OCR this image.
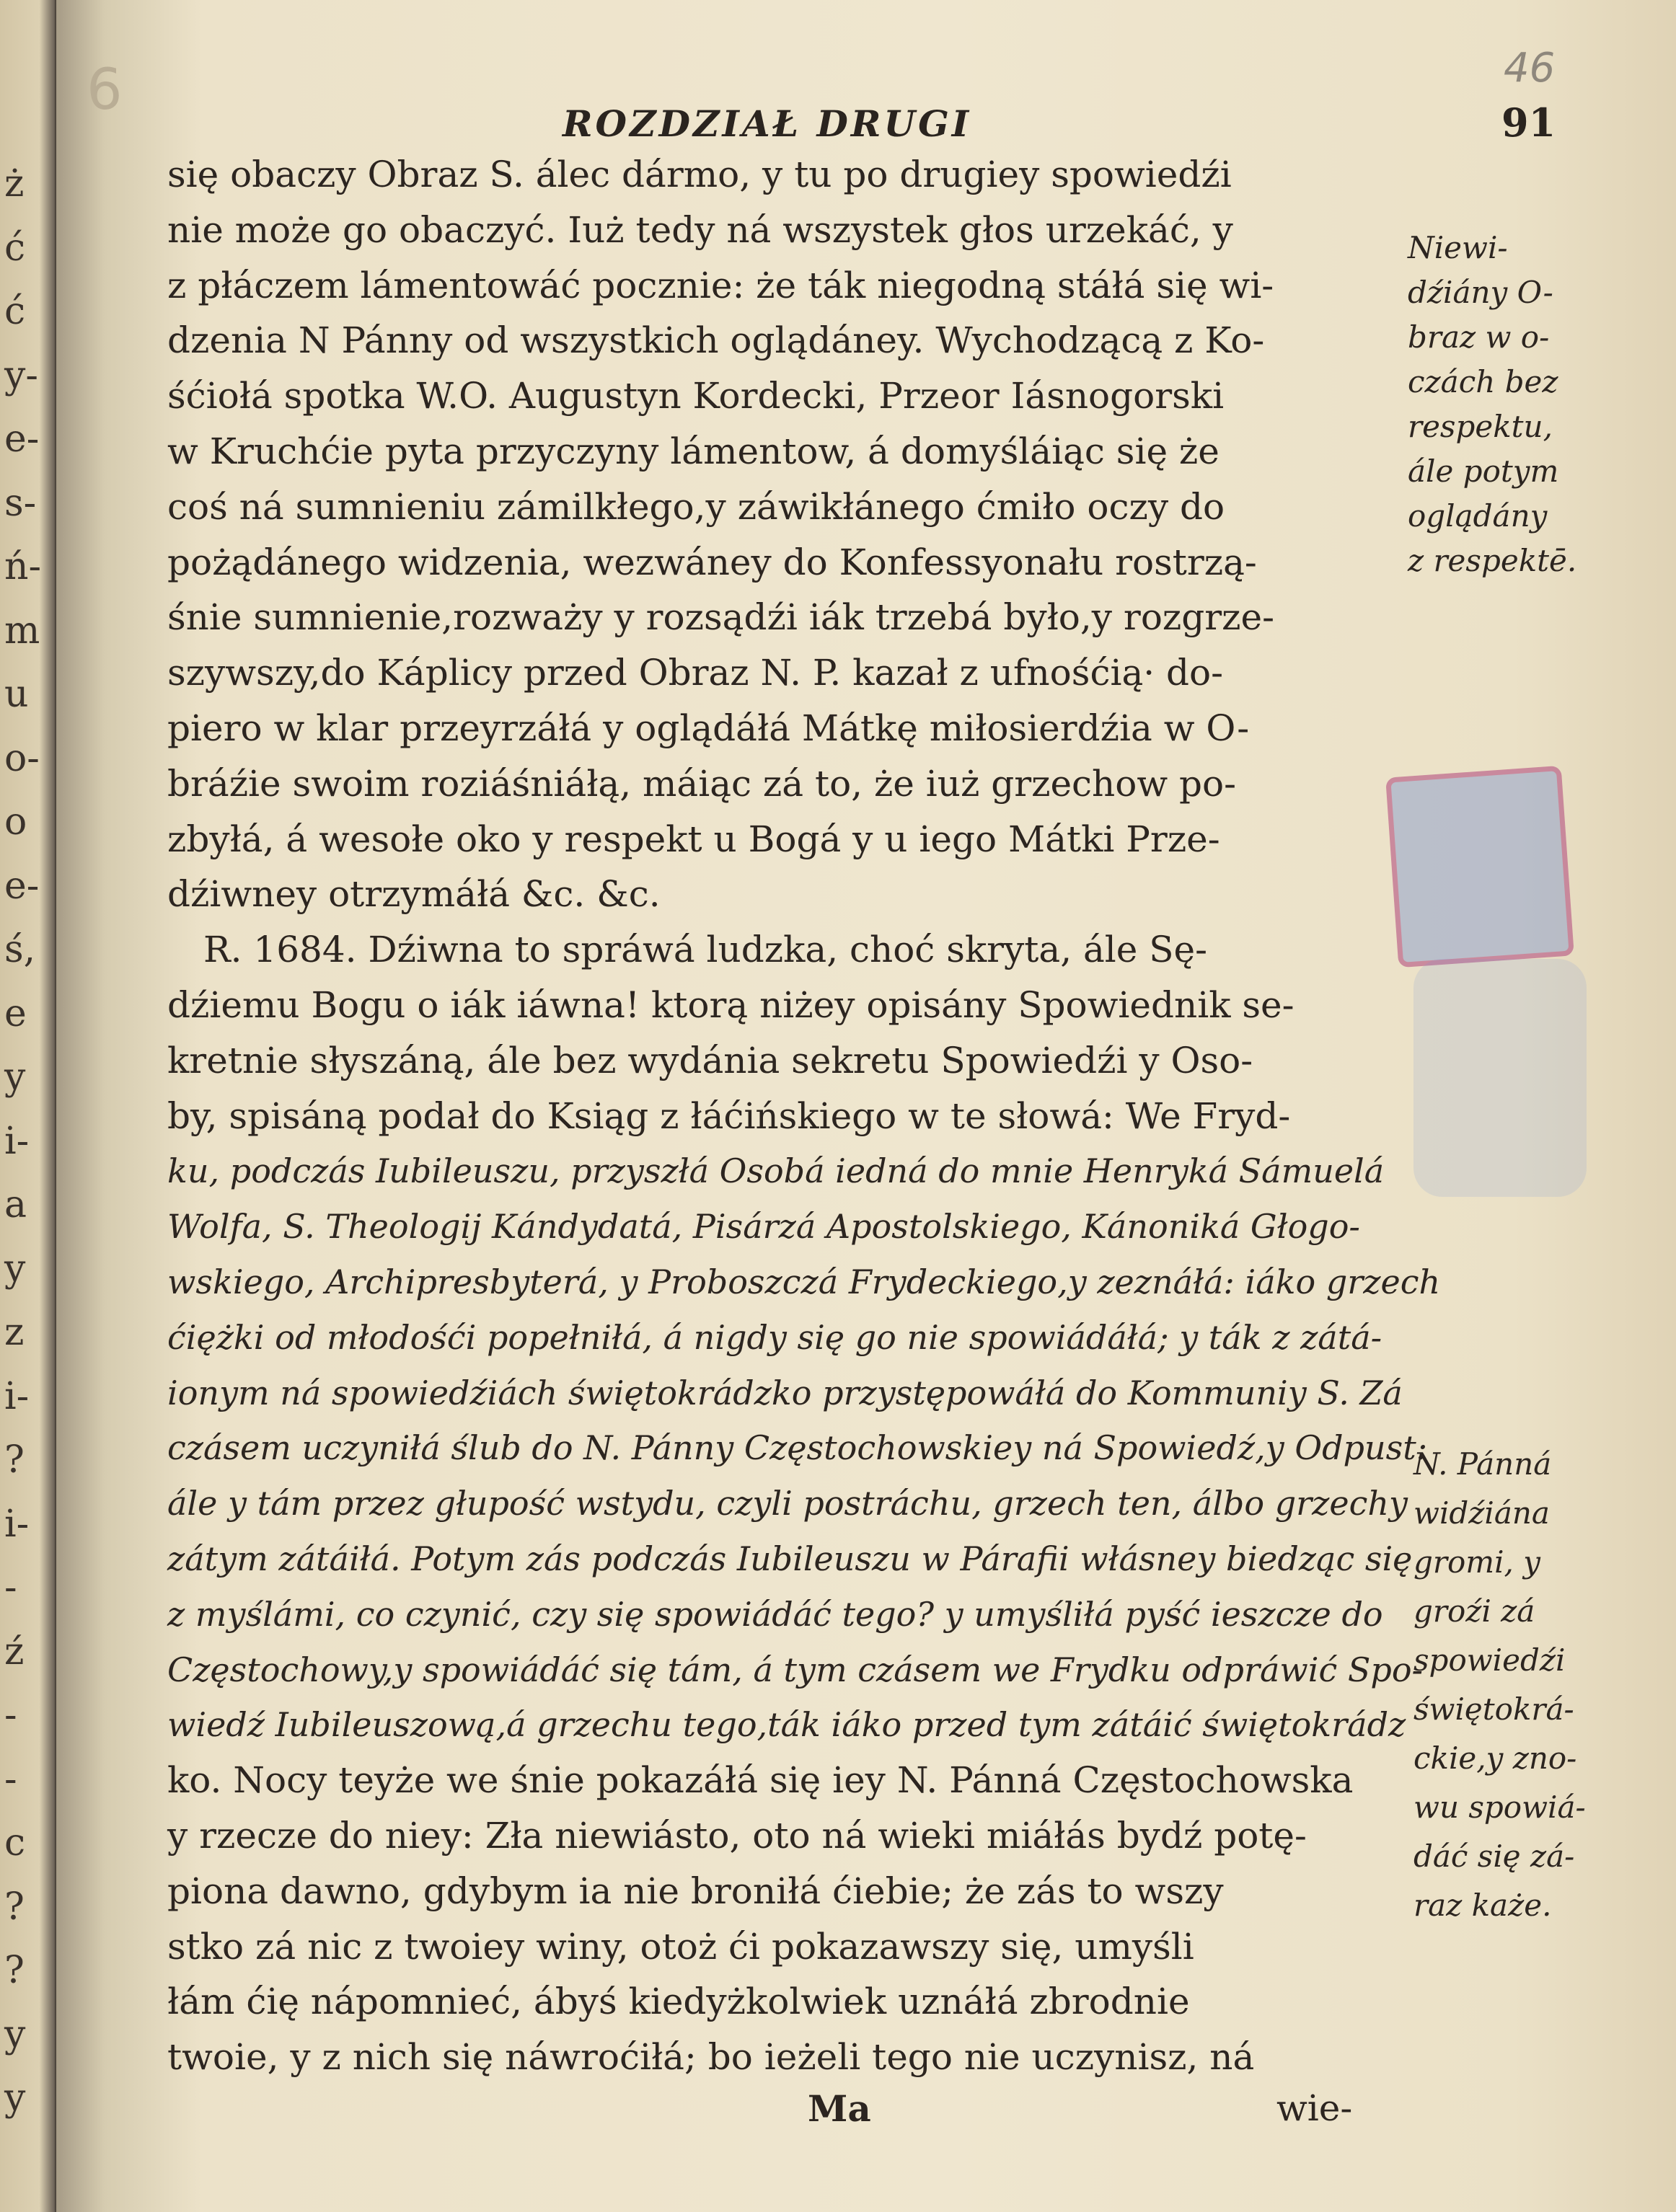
ż
ć
ć
y-
e-
s-
ń-
m
u
o-
o
e-
ś,
e
y
i-
a
y
z
i-
?
i-
-
ź
-
-
c
?
?
y
y
6	46
ROZDZIAŁ DRUGI	91
się obaczy Obraz S. álec dármo, y tu po drugiey spowiedźi
nie może go obaczyć. Iuż tedy ná wszystek głos urzekáć, y
z płáczem lámentowáć pocznie: że ták niegodną stáłá się wi-
dzenia N Pánny od wszystkich oglądáney. Wychodzącą z Ko-
śćiołá spotka W.O. Augustyn Kordecki, Przeor Iásnogorski
w Kruchćie pyta przyczyny lámentow, á domyśláiąc się że
coś ná sumnieniu zámilkłego,y záwikłánego ćmiło oczy do
pożądánego widzenia, wezwáney do Konfessyonału rostrzą-
śnie sumnienie,rozważy y rozsądźi iák trzebá było,y rozgrze-
szywszy,do Káplicy przed Obraz N. P. kazał z ufnośćią· do-
piero w klar przeyrzáłá y oglądáłá Mátkę miłosierdźia w O-
bráźie swoim roziáśniáłą, máiąc zá to, że iuż grzechow po-
zbyłá, á wesołe oko y respekt u Bogá y u iego Mátki Prze-
dźiwney otrzymáłá &c. &c.
R. 1684. Dźiwna to spráwá ludzka, choć skryta, ále Sę-
dźiemu Bogu o iák iáwna! ktorą niżey opisány Spowiednik se-
kretnie słyszáną, ále bez wydánia sekretu Spowiedźi y Oso-
by, spisáną podał do Ksiąg z łáćińskiego w te słowá: We Fryd-
ku, podczás Iubileuszu, przyszłá Osobá iedná do mnie Henryká Sámuelá
Wolfa, S. Theologij Kándydatá, Pisárzá Apostolskiego, Kánoniká Głogo-
wskiego, Archipresbyterá, y Proboszczá Frydeckiego,y zeznáłá: iáko grzech
ćiężki od młodośći popełniłá, á nigdy się go nie spowiádáłá; y ták z zátá-
ionym ná spowiedźiách świętokrádzko przystępowáłá do Kommuniy S. Zá
czásem uczyniłá ślub do N. Pánny Częstochowskiey ná Spowiedź,y Odpust:
ále y tám przez głupość wstydu, czyli postráchu, grzech ten, álbo grzechy
zátym zátáiłá. Potym zás podczás Iubileuszu w Párafii włásney biedząc się
z myślámi, co czynić, czy się spowiádáć tego? y umyśliłá pyść ieszcze do
Częstochowy,y spowiádáć się tám, á tym czásem we Frydku odpráwić Spo-
wiedź Iubileuszową,á grzechu tego,ták iáko przed tym zátáić świętokrádz
ko. Nocy teyże we śnie pokazáłá się iey N. Pánná Częstochowska
y rzecze do niey: Zła niewiásto, oto ná wieki miáłás bydź potę-
piona dawno, gdybym ia nie broniłá ćiebie; że zás to wszy
stko zá nic z twoiey winy, otoż ći pokazawszy się, umyśli
łám ćię nápomnieć, ábyś kiedyżkolwiek uznáłá zbrodnie
twoie, y z nich się náwroćiłá; bo ieżeli tego nie uczynisz, ná
Niewi-
dźiány O-
braz w o-
czách bez
respektu,
ále potym
oglądány
z respektē.
N. Pánná
widźiána
gromi, y
groźi zá
spowiedźi
świętokrá-
ckie,y zno-
wu spowiá-
dáć się zá-
raz każe.
Ma	wie-
